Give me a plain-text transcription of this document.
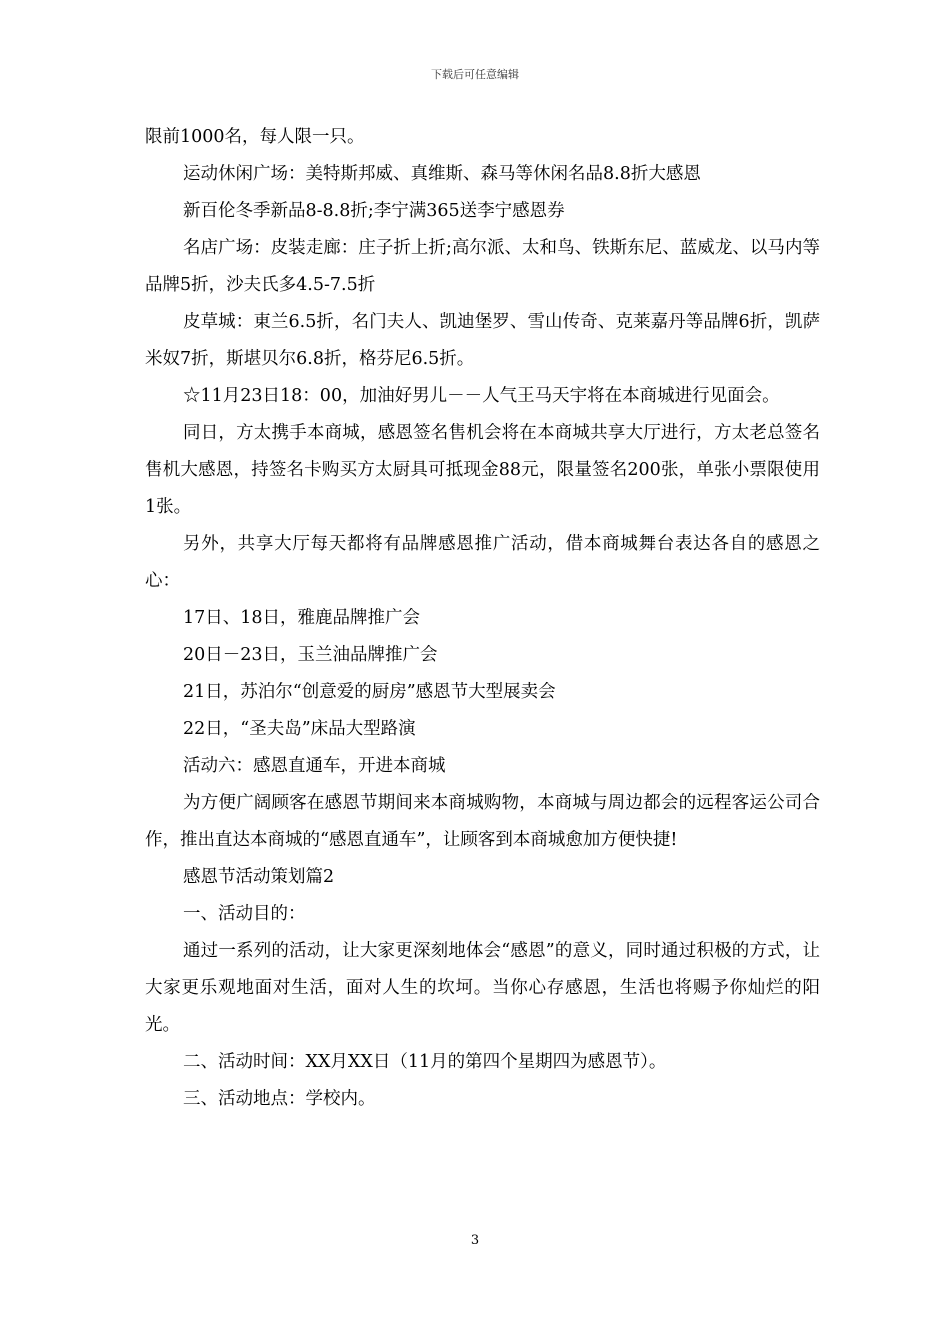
下载后可任意编辑

限前1000名，每人限一只。

运动休闲广场：美特斯邦威、真维斯、森马等休闲名品8.8折大感恩

新百伦冬季新品8-8.8折;李宁满365送李宁感恩券

名店广场：皮装走廊：庄子折上折;高尔派、太和鸟、铁斯东尼、蓝威龙、以马内等品牌5折，沙夫氏多4.5-7.5折

皮草城：東兰6.5折，名门夫人、凯迪堡罗、雪山传奇、克莱嘉丹等品牌6折，凯萨米奴7折，斯堪贝尔6.8折，格芬尼6.5折。

☆11月23日18：00，加油好男儿－－人气王马天宇将在本商城进行见面会。

同日，方太携手本商城，感恩签名售机会将在本商城共享大厅进行，方太老总签名售机大感恩，持签名卡购买方太厨具可抵现金88元，限量签名200张，单张小票限使用1张。

另外，共享大厅每天都将有品牌感恩推广活动，借本商城舞台表达各自的感恩之心：

17日、18日，雅鹿品牌推广会

20日－23日，玉兰油品牌推广会

21日，苏泊尔“创意爱的厨房”感恩节大型展卖会

22日，“圣夫岛”床品大型路演

活动六：感恩直通车，开进本商城

为方便广阔顾客在感恩节期间来本商城购物，本商城与周边都会的远程客运公司合作，推出直达本商城的“感恩直通车”，让顾客到本商城愈加方便快捷!

感恩节活动策划篇2

一、活动目的：

通过一系列的活动，让大家更深刻地体会“感恩”的意义，同时通过积极的方式，让大家更乐观地面对生活，面对人生的坎坷。当你心存感恩，生活也将赐予你灿烂的阳光。

二、活动时间：XX月XX日（11月的第四个星期四为感恩节）。

三、活动地点：学校内。

3
